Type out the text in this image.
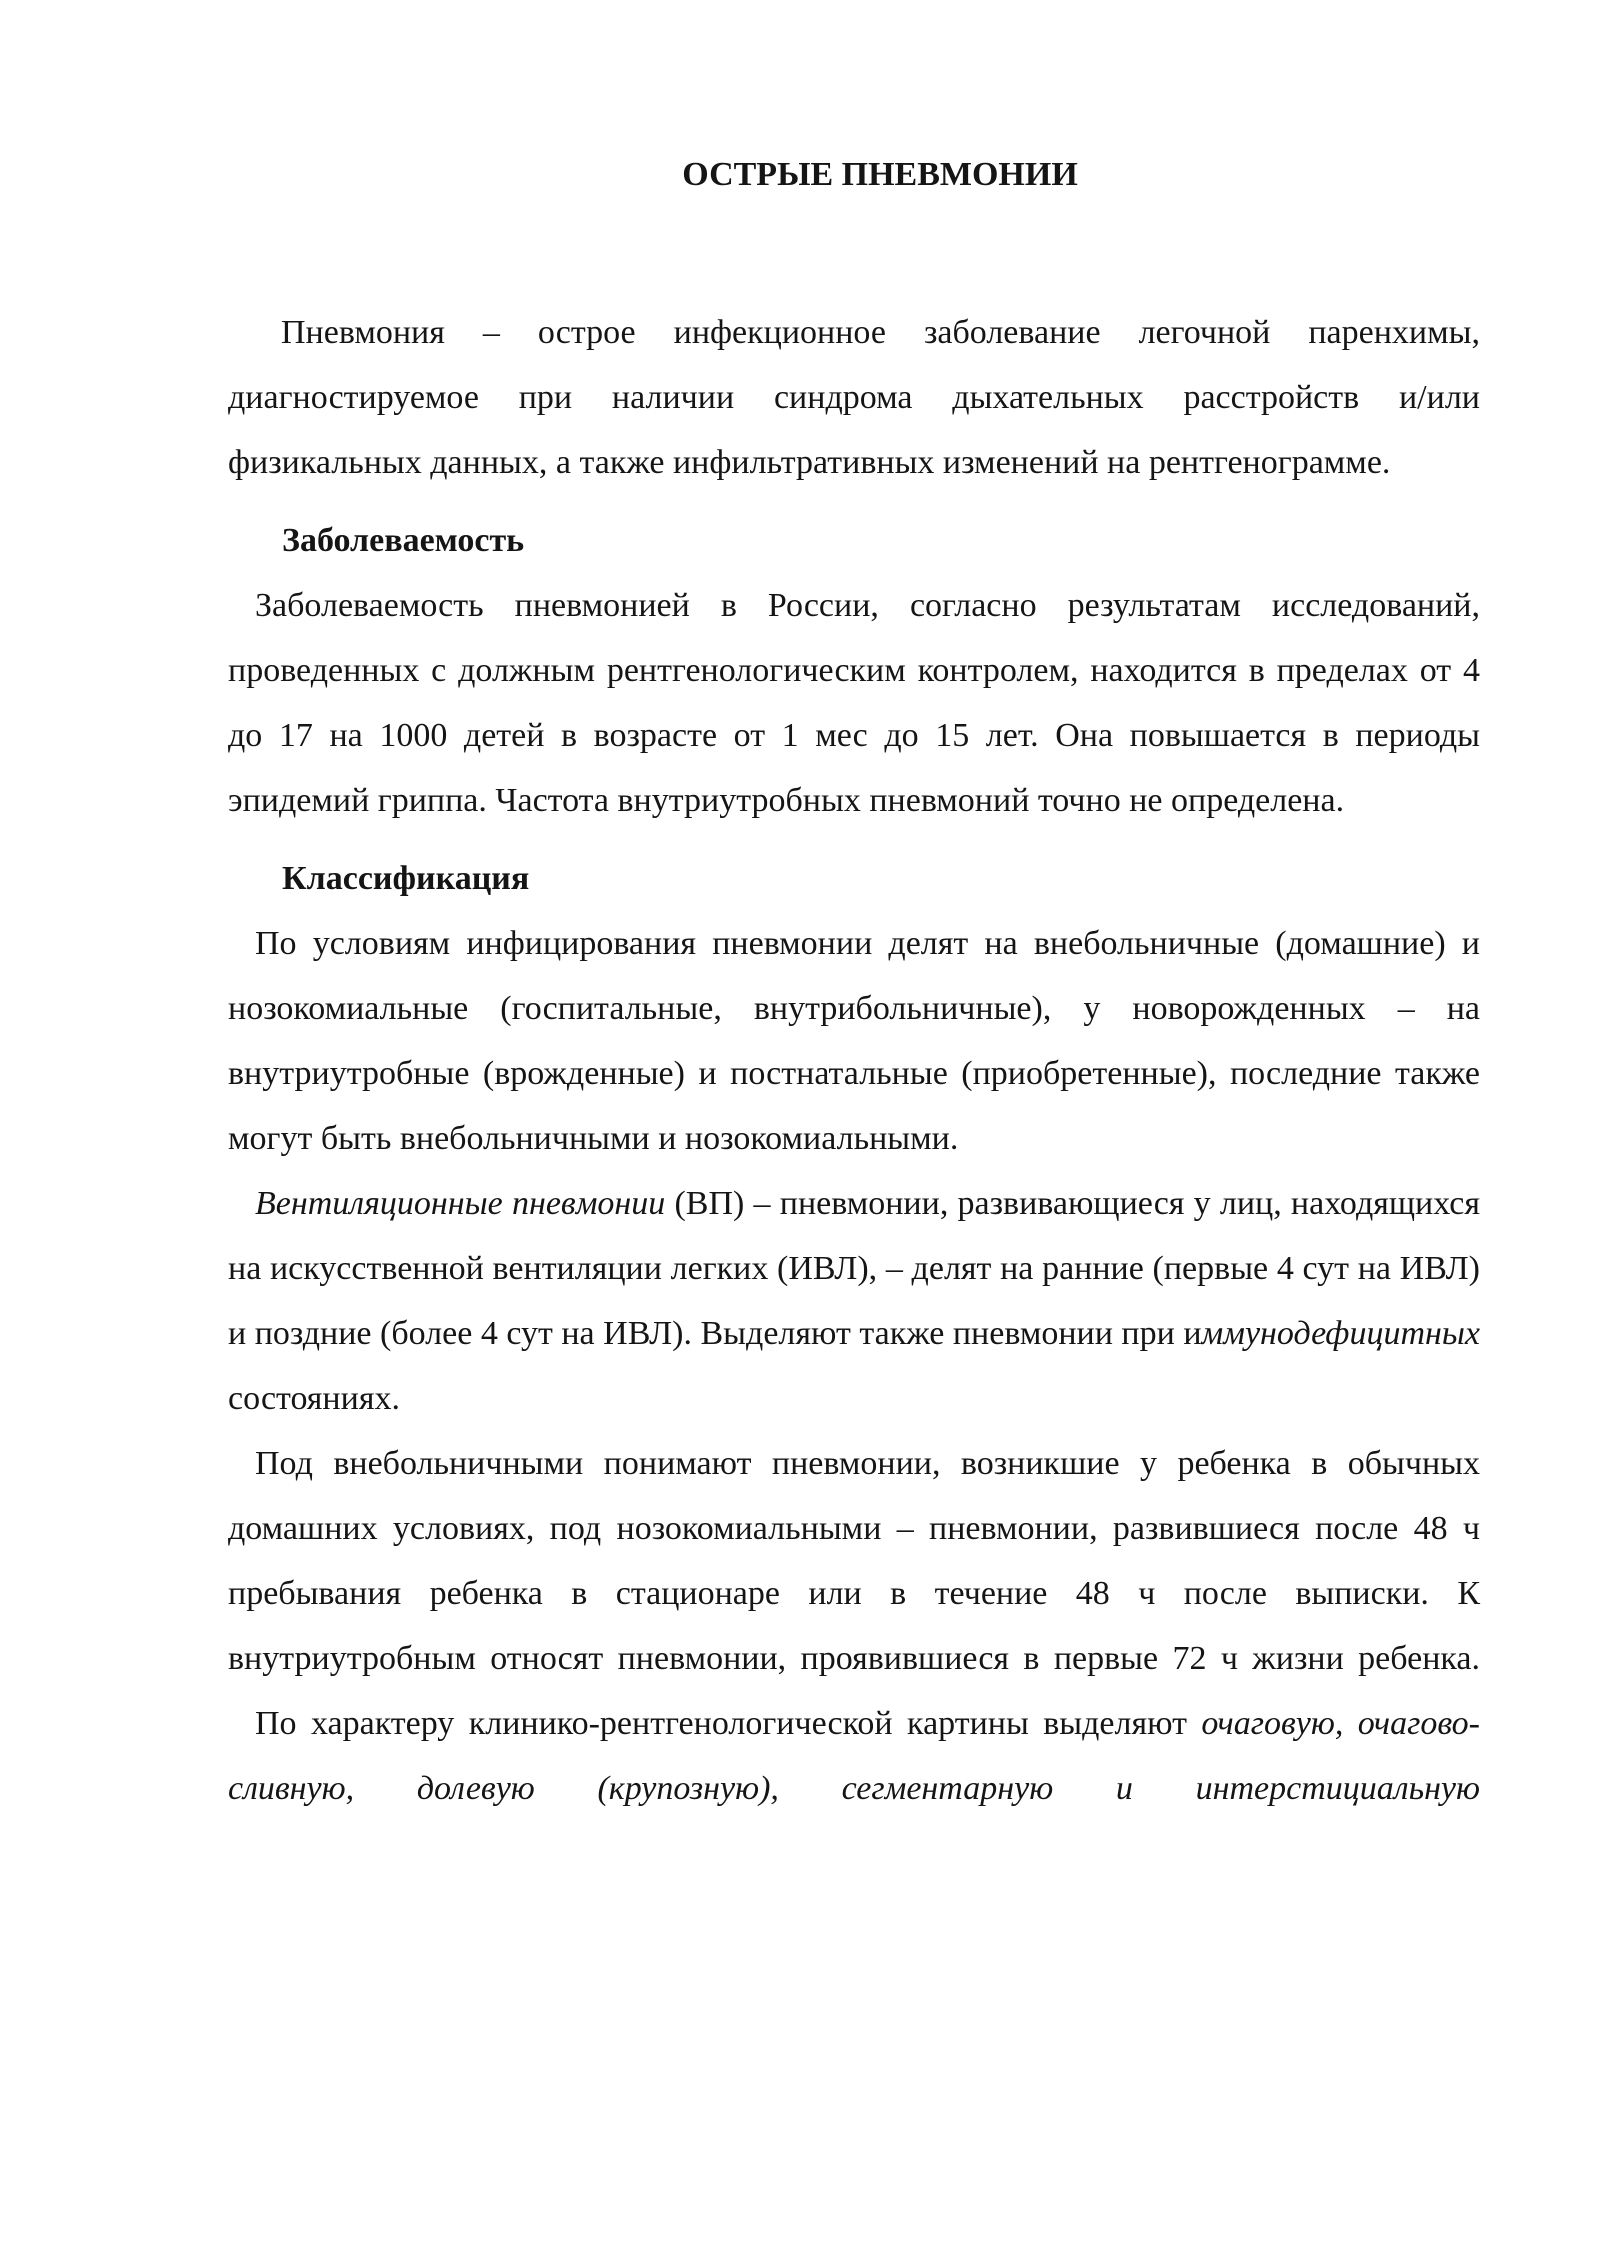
ОСТРЫЕ ПНЕВМОНИИ

Пневмония – острое инфекционное заболевание легочной паренхимы, диагностируемое при наличии синдрома дыхательных расстройств и/или физикальных данных, а также инфильтративных изменений на рентгенограмме.

Заболеваемость

Заболеваемость пневмонией в России, согласно результатам исследований, проведенных с должным рентгенологическим контролем, находится в пределах от 4 до 17 на 1000 детей в возрасте от 1 мес до 15 лет. Она повышается в периоды эпидемий гриппа. Частота внутриутробных пневмоний точно не определена.

Классификация

По условиям инфицирования пневмонии делят на внебольничные (домашние) и нозокомиальные (госпитальные, внутрибольничные), у новорожденных – на внутриутробные (врожденные) и постнатальные (приобретенные), последние также могут быть внебольничными и нозокомиальными.

Вентиляционные пневмонии (ВП) – пневмонии, развивающиеся у лиц, находящихся на искусственной вентиляции легких (ИВЛ), – делят на ранние (первые 4 сут на ИВЛ) и поздние (более 4 сут на ИВЛ). Выделяют также пневмонии при иммунодефицитных состояниях.

Под внебольничными понимают пневмонии, возникшие у ребенка в обычных домашних условиях, под нозокомиальными – пневмонии, развившиеся после 48 ч пребывания ребенка в стационаре или в течение 48 ч после выписки. К внутриутробным относят пневмонии, проявившиеся в первые 72 ч жизни ребенка.

По характеру клинико-рентгенологической картины выделяют очаговую, очагово-сливную, долевую (крупозную), сегментарную и интерстициальную
